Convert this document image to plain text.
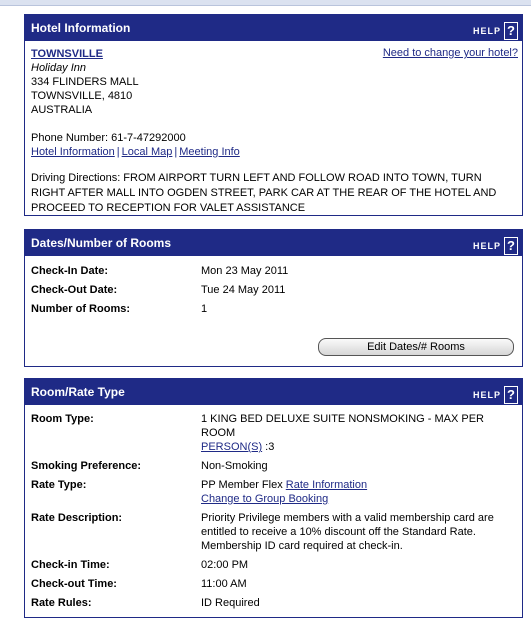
Hotel Information	HELP ?
TOWNSVILLE	Need to change your hotel?
Holiday Inn
334 FLINDERS MALL
TOWNSVILLE, 4810
AUSTRALIA
Phone Number: 61-7-47292000
Hotel Information | Local Map | Meeting Info
Driving Directions: FROM AIRPORT TURN LEFT AND FOLLOW ROAD INTO TOWN, TURN RIGHT AFTER MALL INTO OGDEN STREET, PARK CAR AT THE REAR OF THE HOTEL AND PROCEED TO RECEPTION FOR VALET ASSISTANCE
Dates/Number of Rooms	HELP ?
Check-In Date:	Mon 23 May 2011
Check-Out Date:	Tue 24 May 2011
Number of Rooms:	1
Edit Dates/# Rooms
Room/Rate Type	HELP ?
Room Type:	1 KING BED DELUXE SUITE NONSMOKING - MAX PER ROOM
PERSON(S) :3
Smoking Preference:	Non-Smoking
Rate Type:	PP Member Flex Rate Information
Change to Group Booking
Rate Description:	Priority Privilege members with a valid membership card are entitled to receive a 10% discount off the Standard Rate. Membership ID card required at check-in.
Check-in Time:	02:00 PM
Check-out Time:	11:00 AM
Rate Rules:	ID Required
